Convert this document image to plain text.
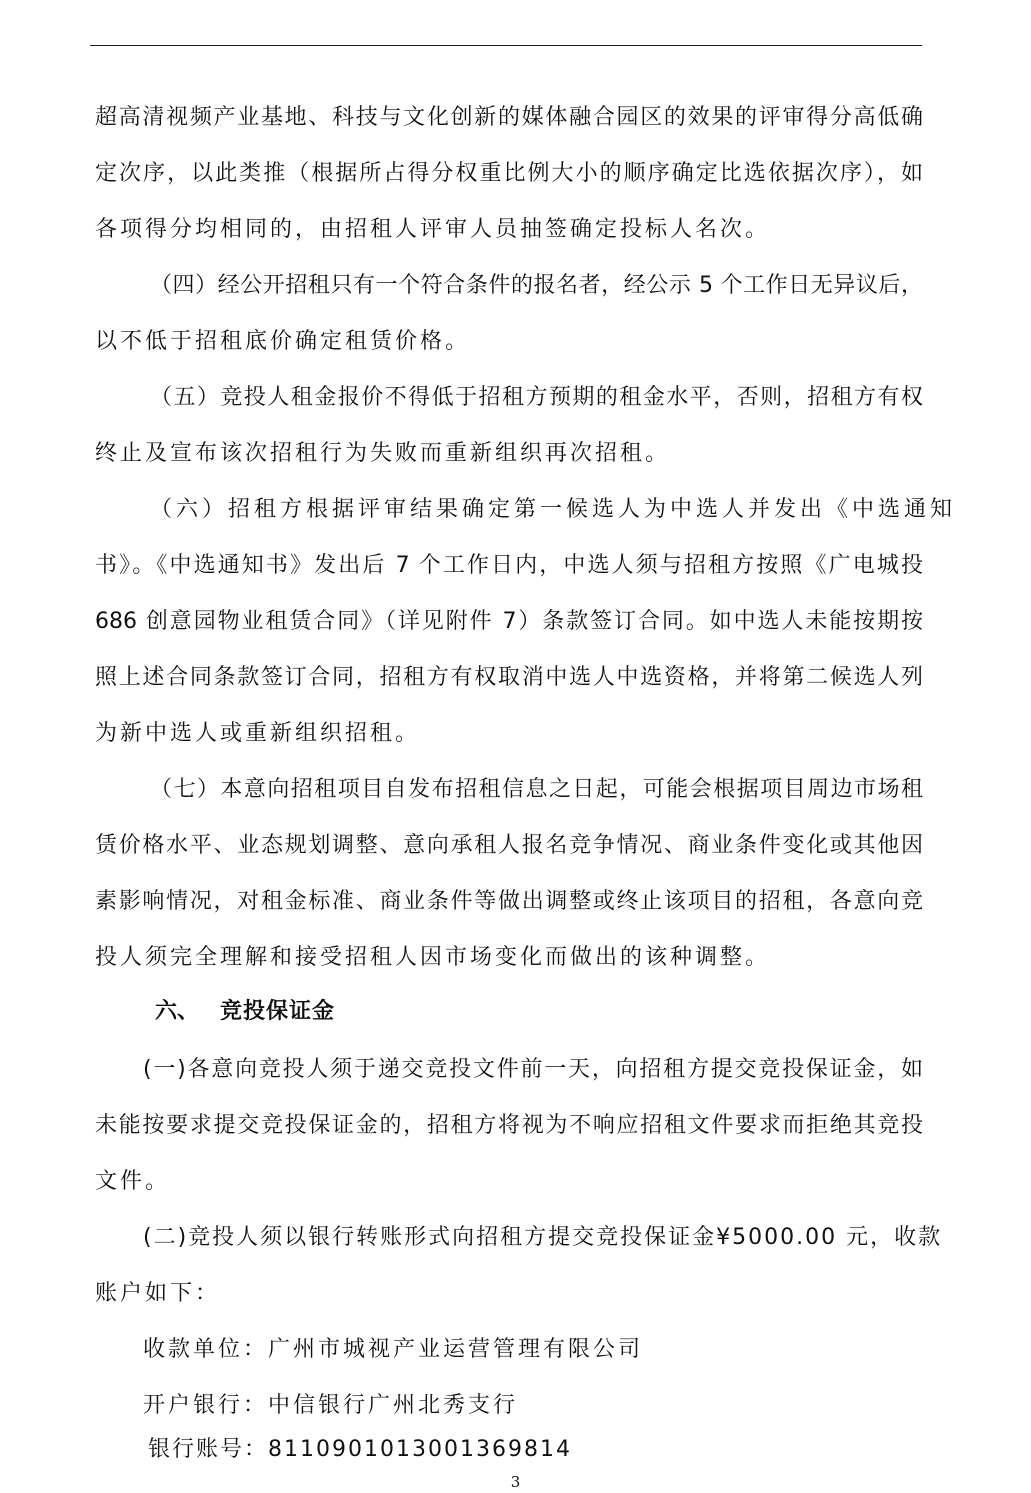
超高清视频产业基地、科技与文化创新的媒体融合园区的效果的评审得分高低确
定次序，以此类推（根据所占得分权重比例大小的顺序确定比选依据次序），如
各项得分均相同的，由招租人评审人员抽签确定投标人名次。
（四）经公开招租只有一个符合条件的报名者，经公示 5 个工作日无异议后，
以不低于招租底价确定租赁价格。
（五）竞投人租金报价不得低于招租方预期的租金水平，否则，招租方有权
终止及宣布该次招租行为失败而重新组织再次招租。
（六）招租方根据评审结果确定第一候选人为中选人并发出《中选通知
书》。《中选通知书》发出后 7 个工作日内，中选人须与招租方按照《广电城投
686 创意园物业租赁合同》（详见附件 7）条款签订合同。如中选人未能按期按
照上述合同条款签订合同，招租方有权取消中选人中选资格，并将第二候选人列
为新中选人或重新组织招租。
（七）本意向招租项目自发布招租信息之日起，可能会根据项目周边市场租
赁价格水平、业态规划调整、意向承租人报名竞争情况、商业条件变化或其他因
素影响情况，对租金标准、商业条件等做出调整或终止该项目的招租，各意向竞
投人须完全理解和接受招租人因市场变化而做出的该种调整。
六、 竞投保证金
(一)各意向竞投人须于递交竞投文件前一天，向招租方提交竞投保证金，如
未能按要求提交竞投保证金的，招租方将视为不响应招租文件要求而拒绝其竞投
文件。
(二)竞投人须以银行转账形式向招租方提交竞投保证金¥5000.00 元，收款
账户如下：
收款单位：广州市城视产业运营管理有限公司
开户银行：中信银行广州北秀支行
银行账号：8110901013001369814
3
